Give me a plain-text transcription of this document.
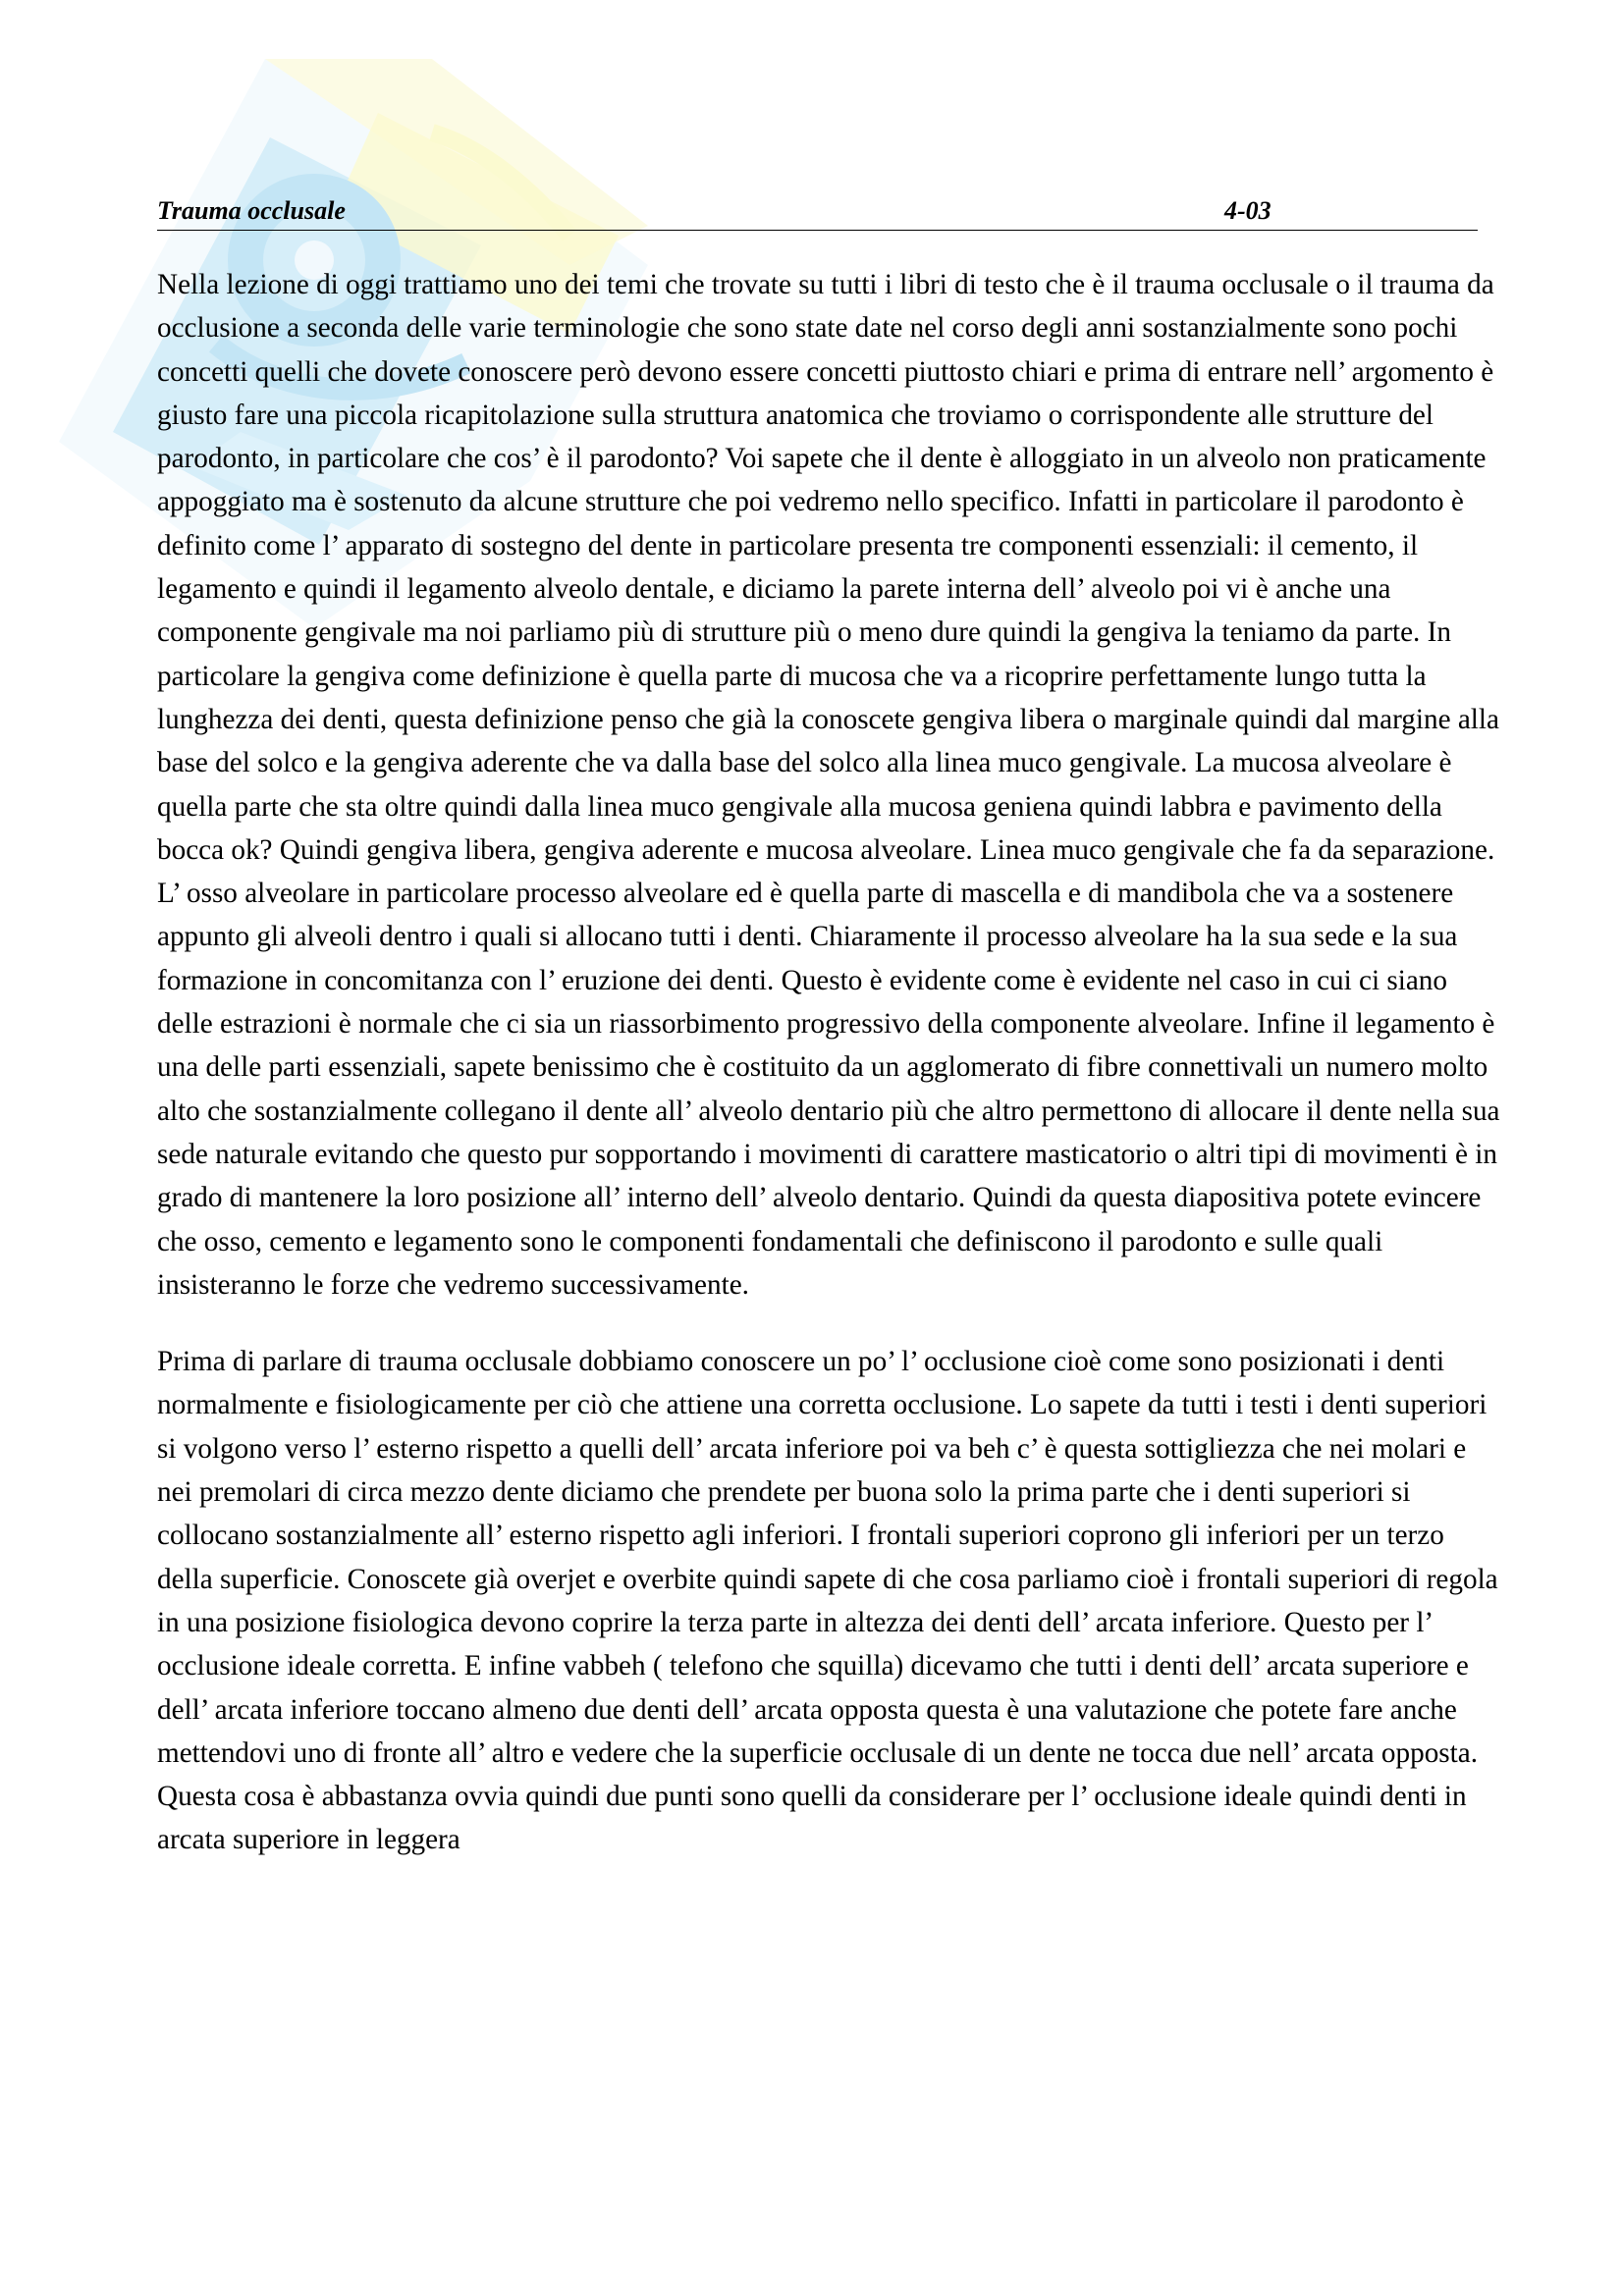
Trauma occlusale	4-03

Nella lezione di oggi trattiamo uno dei temi che trovate su tutti i libri di testo che è il trauma occlusale o il trauma da occlusione a seconda delle varie terminologie che sono state date nel corso degli anni sostanzialmente sono pochi concetti quelli che dovete conoscere però devono essere concetti piuttosto chiari e prima di entrare nell’ argomento è giusto fare una piccola ricapitolazione sulla struttura anatomica che troviamo o corrispondente alle strutture del parodonto, in particolare che cos’ è il parodonto? Voi sapete che il dente è alloggiato in un alveolo non praticamente appoggiato ma è sostenuto da alcune strutture che poi vedremo nello specifico. Infatti in particolare il parodonto è definito come l’ apparato di sostegno del dente in particolare presenta tre componenti essenziali: il cemento, il legamento e quindi il legamento alveolo dentale, e diciamo la parete interna dell’ alveolo poi vi è anche una componente gengivale ma noi parliamo più di strutture più o meno dure quindi la gengiva la teniamo da parte. In particolare la gengiva come definizione è quella parte di mucosa che va a ricoprire perfettamente lungo tutta la lunghezza dei denti, questa definizione penso che già la conoscete gengiva libera o marginale quindi dal margine alla base del solco e la gengiva aderente che va dalla base del solco alla linea muco gengivale. La mucosa alveolare è quella parte che sta oltre quindi dalla linea muco gengivale alla mucosa geniena quindi labbra e pavimento della bocca ok? Quindi gengiva libera, gengiva aderente e mucosa alveolare. Linea muco gengivale che fa da separazione. L’ osso alveolare in particolare processo alveolare ed è quella parte di mascella e di mandibola che va a sostenere appunto gli alveoli dentro i quali si allocano tutti i denti. Chiaramente il processo alveolare ha la sua sede e la sua formazione in concomitanza con l’ eruzione dei denti. Questo è evidente come è evidente nel caso in cui ci siano delle estrazioni è normale che ci sia un riassorbimento progressivo della componente alveolare. Infine il legamento è una delle parti essenziali, sapete benissimo che è costituito da un agglomerato di fibre connettivali un numero molto alto che sostanzialmente collegano il dente all’ alveolo dentario più che altro permettono di allocare il dente nella sua sede naturale evitando che questo pur sopportando i movimenti di carattere masticatorio o altri tipi di movimenti è in grado di mantenere la loro posizione all’ interno dell’ alveolo dentario. Quindi da questa diapositiva potete evincere che osso, cemento e legamento sono le componenti fondamentali che definiscono il parodonto e sulle quali insisteranno le forze che vedremo successivamente.

Prima di parlare di trauma occlusale dobbiamo conoscere un po’ l’ occlusione cioè come sono posizionati i denti normalmente e fisiologicamente per ciò che attiene una corretta occlusione. Lo sapete da tutti i testi i denti superiori si volgono verso l’ esterno rispetto a quelli dell’ arcata inferiore poi va beh c’ è questa sottigliezza che nei molari e nei premolari di circa mezzo dente diciamo che prendete per buona solo la prima parte che i denti superiori si collocano sostanzialmente all’ esterno rispetto agli inferiori. I frontali superiori coprono gli inferiori per un terzo della superficie. Conoscete già overjet e overbite quindi sapete di che cosa parliamo cioè i frontali superiori di regola in una posizione fisiologica devono coprire la terza parte in altezza dei denti dell’ arcata inferiore. Questo per l’ occlusione ideale corretta. E infine vabbeh ( telefono che squilla) dicevamo che tutti i denti dell’ arcata superiore e dell’ arcata inferiore toccano almeno due denti dell’ arcata opposta questa è una valutazione che potete fare anche mettendovi uno di fronte all’ altro e vedere che la superficie occlusale di un dente ne tocca due nell’ arcata opposta. Questa cosa è abbastanza ovvia quindi due punti sono quelli da considerare per l’ occlusione ideale quindi denti in arcata superiore in leggera
